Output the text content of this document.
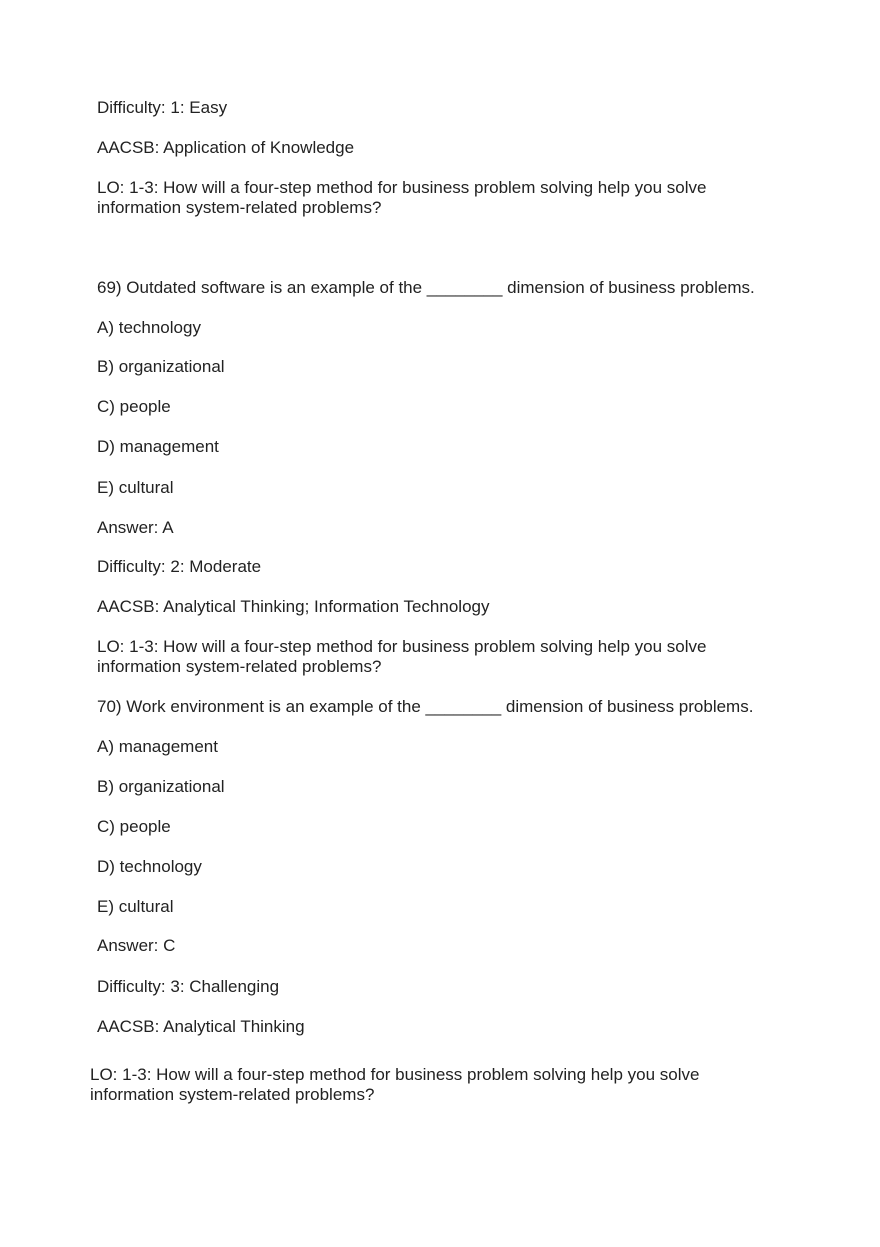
Difficulty: 1: Easy
AACSB: Application of Knowledge
LO: 1-3: How will a four-step method for business problem solving help you solve
information system-related problems?
69) Outdated software is an example of the ________ dimension of business problems.
A) technology
B) organizational
C) people
D) management
E) cultural
Answer: A
Difficulty: 2: Moderate
AACSB: Analytical Thinking; Information Technology
LO: 1-3: How will a four-step method for business problem solving help you solve
information system-related problems?
70) Work environment is an example of the ________ dimension of business problems.
A) management
B) organizational
C) people
D) technology
E) cultural
Answer: C
Difficulty: 3: Challenging
AACSB: Analytical Thinking
LO: 1-3: How will a four-step method for business problem solving help you solve
information system-related problems?
